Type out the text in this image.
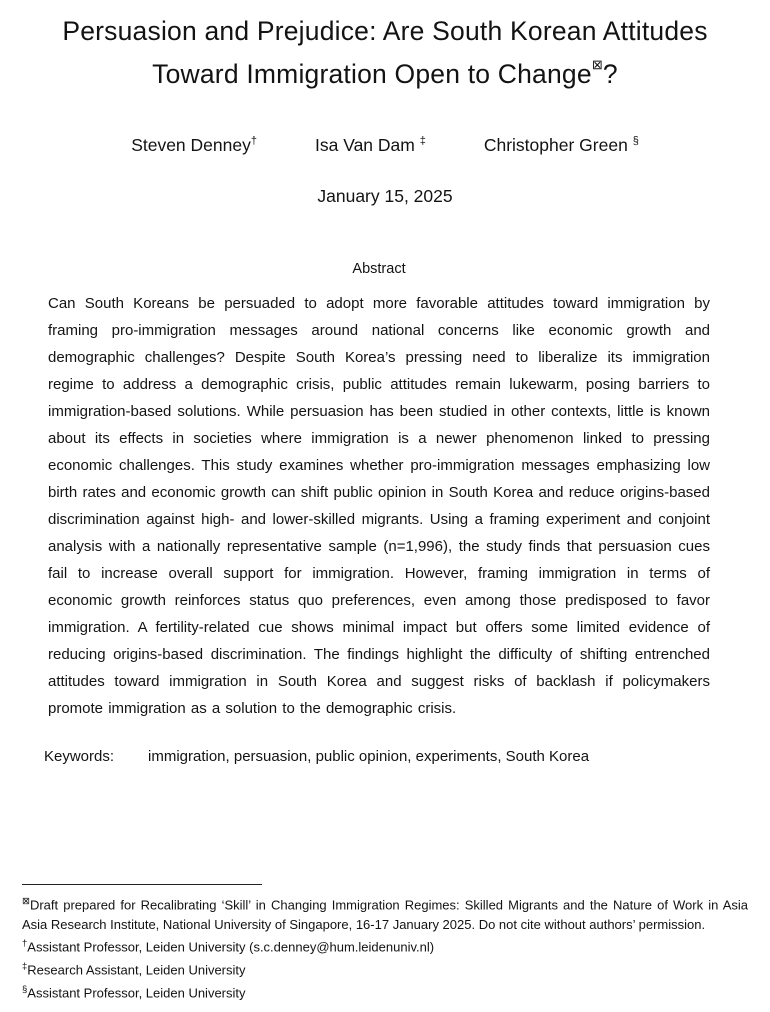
Persuasion and Prejudice: Are South Korean Attitudes Toward Immigration Open to Change⊠?
Steven Denney†	Isa Van Dam ‡	Christopher Green §
January 15, 2025
Abstract
Can South Koreans be persuaded to adopt more favorable attitudes toward immigration by framing pro-immigration messages around national concerns like economic growth and demographic challenges? Despite South Korea’s pressing need to liberalize its immigration regime to address a demographic crisis, public attitudes remain lukewarm, posing barriers to immigration-based solutions. While persuasion has been studied in other contexts, little is known about its effects in societies where immigration is a newer phenomenon linked to pressing economic challenges. This study examines whether pro-immigration messages emphasizing low birth rates and economic growth can shift public opinion in South Korea and reduce origins-based discrimination against high- and lower-skilled migrants. Using a framing experiment and conjoint analysis with a nationally representative sample (n=1,996), the study finds that persuasion cues fail to increase overall support for immigration. However, framing immigration in terms of economic growth reinforces status quo preferences, even among those predisposed to favor immigration. A fertility-related cue shows minimal impact but offers some limited evidence of reducing origins-based discrimination. The findings highlight the difficulty of shifting entrenched attitudes toward immigration in South Korea and suggest risks of backlash if policymakers promote immigration as a solution to the demographic crisis.
Keywords: immigration, persuasion, public opinion, experiments, South Korea
⊠Draft prepared for Recalibrating ‘Skill’ in Changing Immigration Regimes: Skilled Migrants and the Nature of Work in Asia Asia Research Institute, National University of Singapore, 16-17 January 2025. Do not cite without authors’ permission.
†Assistant Professor, Leiden University (s.c.denney@hum.leidenuniv.nl)
‡Research Assistant, Leiden University
§Assistant Professor, Leiden University
